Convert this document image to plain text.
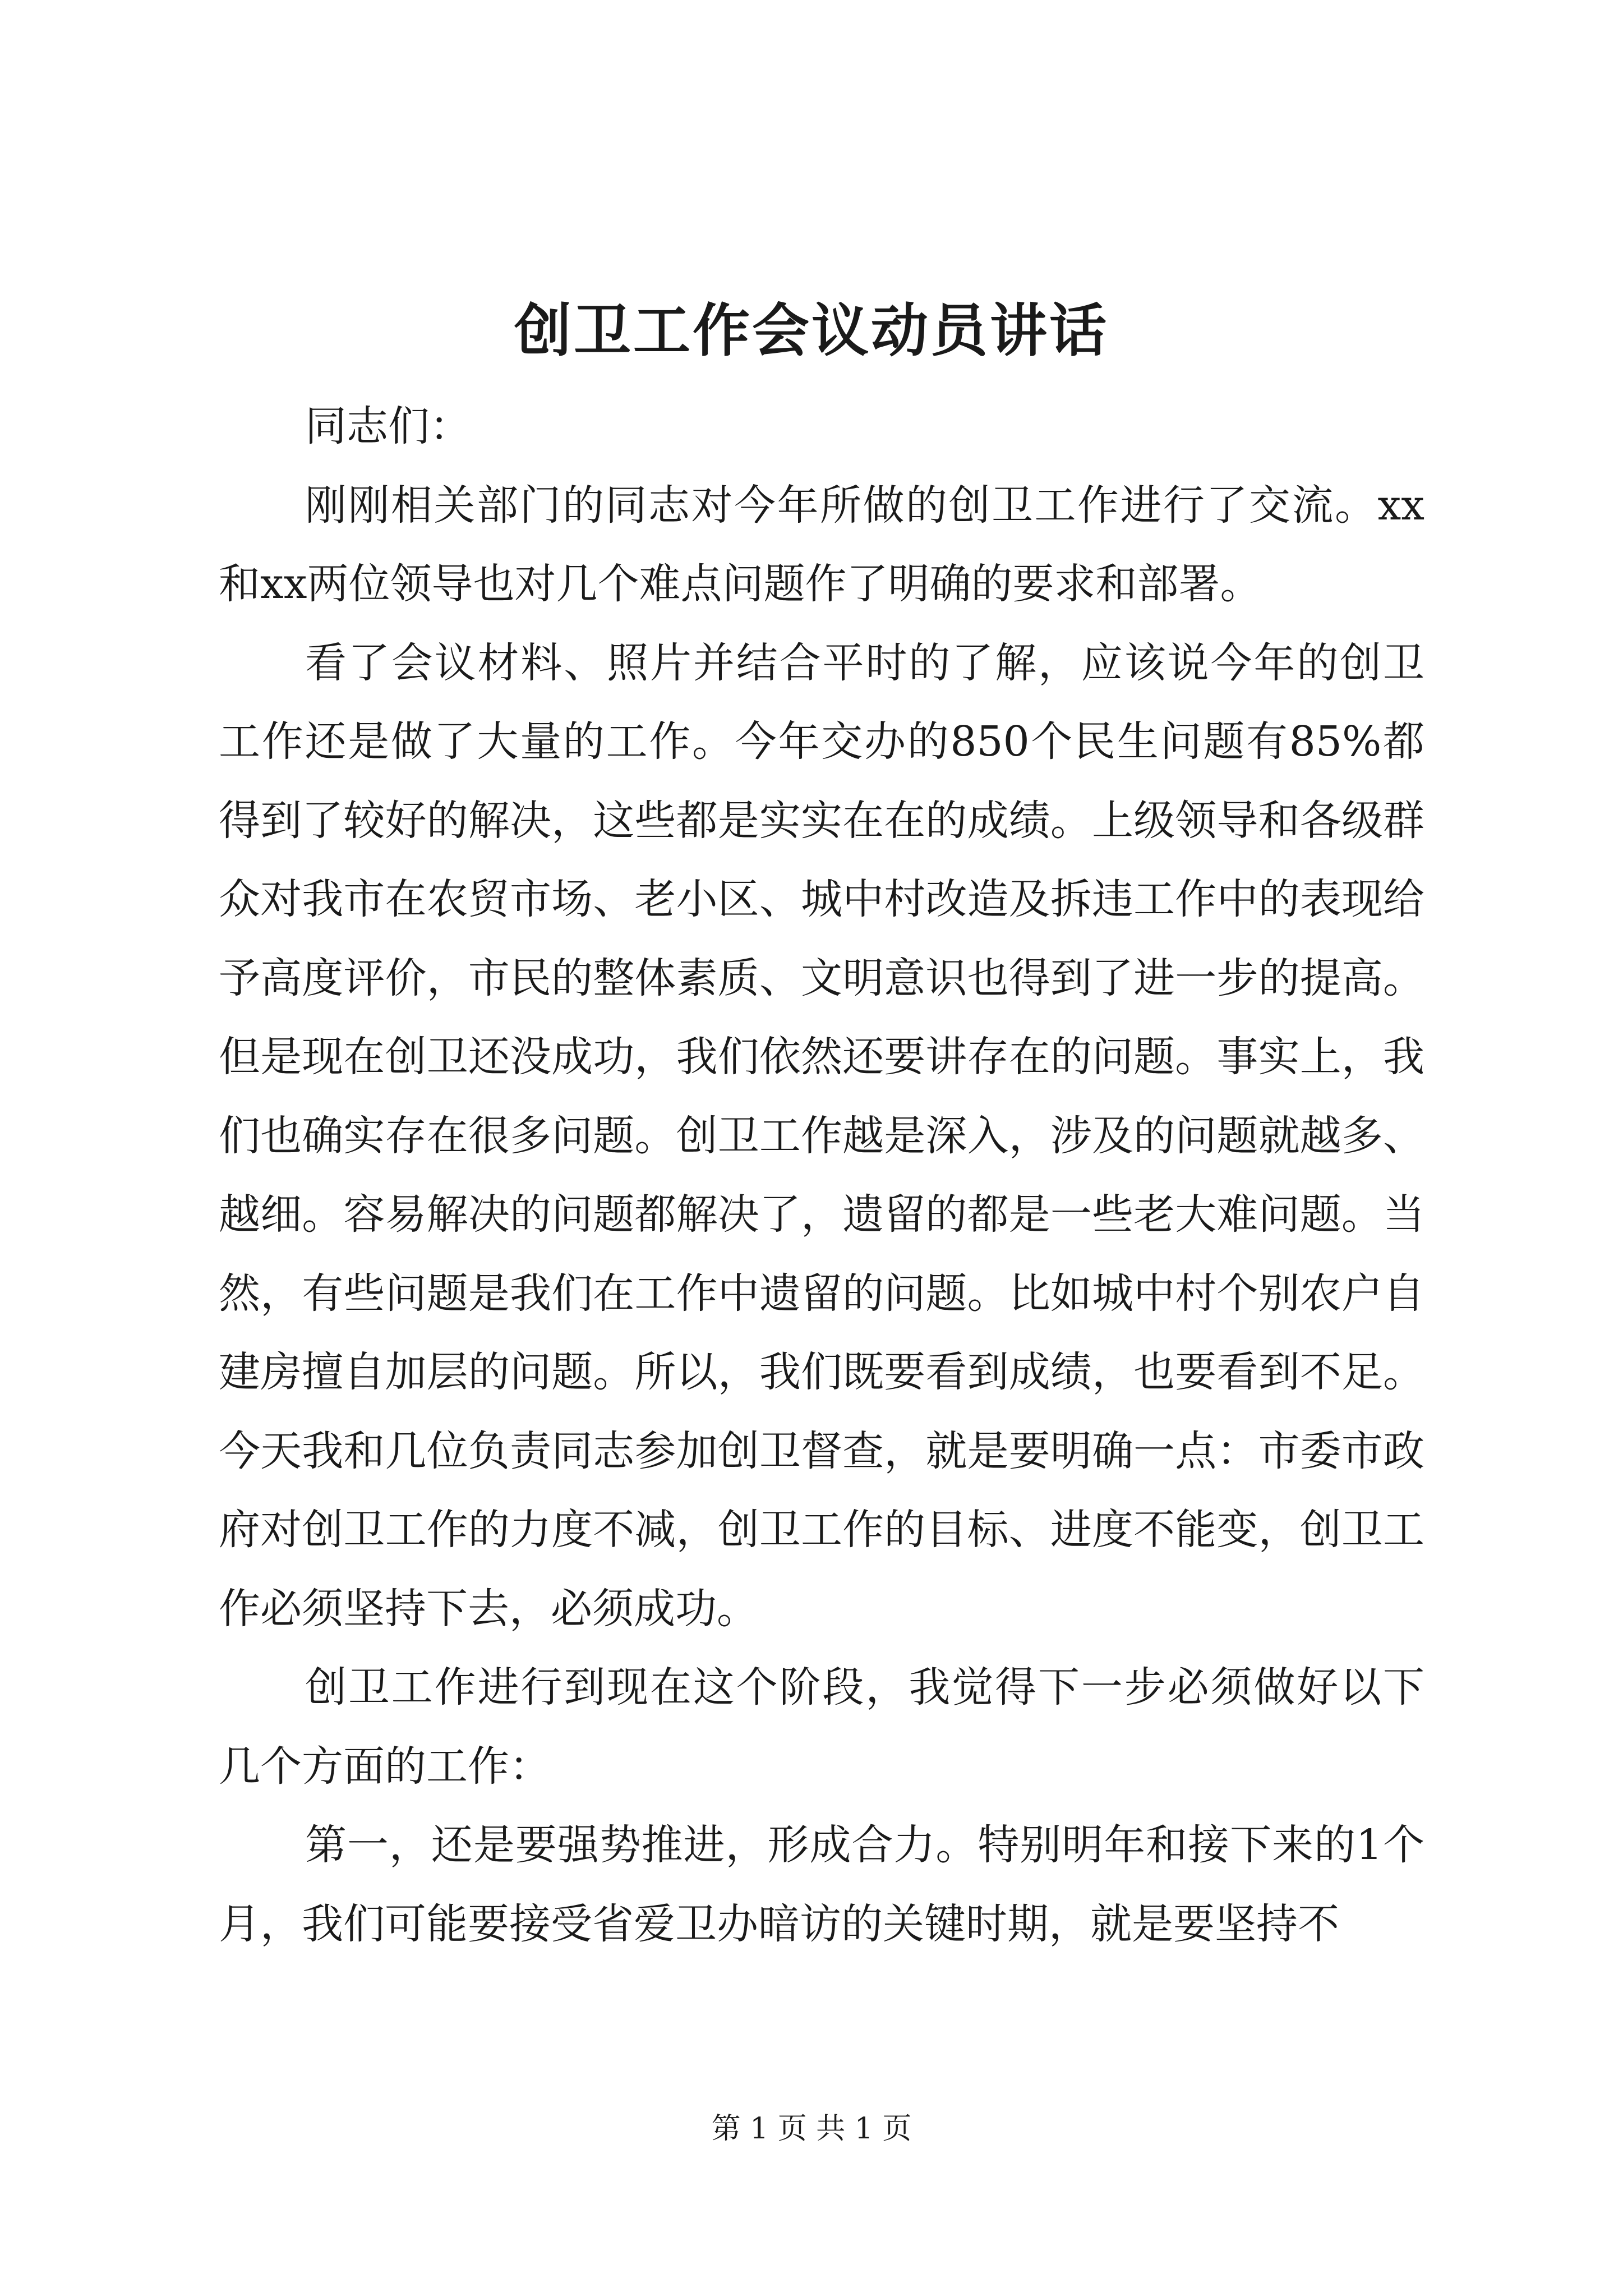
创卫工作会议动员讲话

同志们：

刚刚相关部门的同志对今年所做的创卫工作进行了交流。xx和xx两位领导也对几个难点问题作了明确的要求和部署。

看了会议材料、照片并结合平时的了解，应该说今年的创卫工作还是做了大量的工作。今年交办的850个民生问题有85%都得到了较好的解决，这些都是实实在在的成绩。上级领导和各级群众对我市在农贸市场、老小区、城中村改造及拆违工作中的表现给予高度评价，市民的整体素质、文明意识也得到了进一步的提高。但是现在创卫还没成功，我们依然还要讲存在的问题。事实上，我们也确实存在很多问题。创卫工作越是深入，涉及的问题就越多、越细。容易解决的问题都解决了，遗留的都是一些老大难问题。当然，有些问题是我们在工作中遗留的问题。比如城中村个别农户自建房擅自加层的问题。所以，我们既要看到成绩，也要看到不足。今天我和几位负责同志参加创卫督查，就是要明确一点：市委市政府对创卫工作的力度不减，创卫工作的目标、进度不能变，创卫工作必须坚持下去，必须成功。

创卫工作进行到现在这个阶段，我觉得下一步必须做好以下几个方面的工作：

第一，还是要强势推进，形成合力。特别明年和接下来的1个月，我们可能要接受省爱卫办暗访的关键时期，就是要坚持不

第 1 页 共 1 页
